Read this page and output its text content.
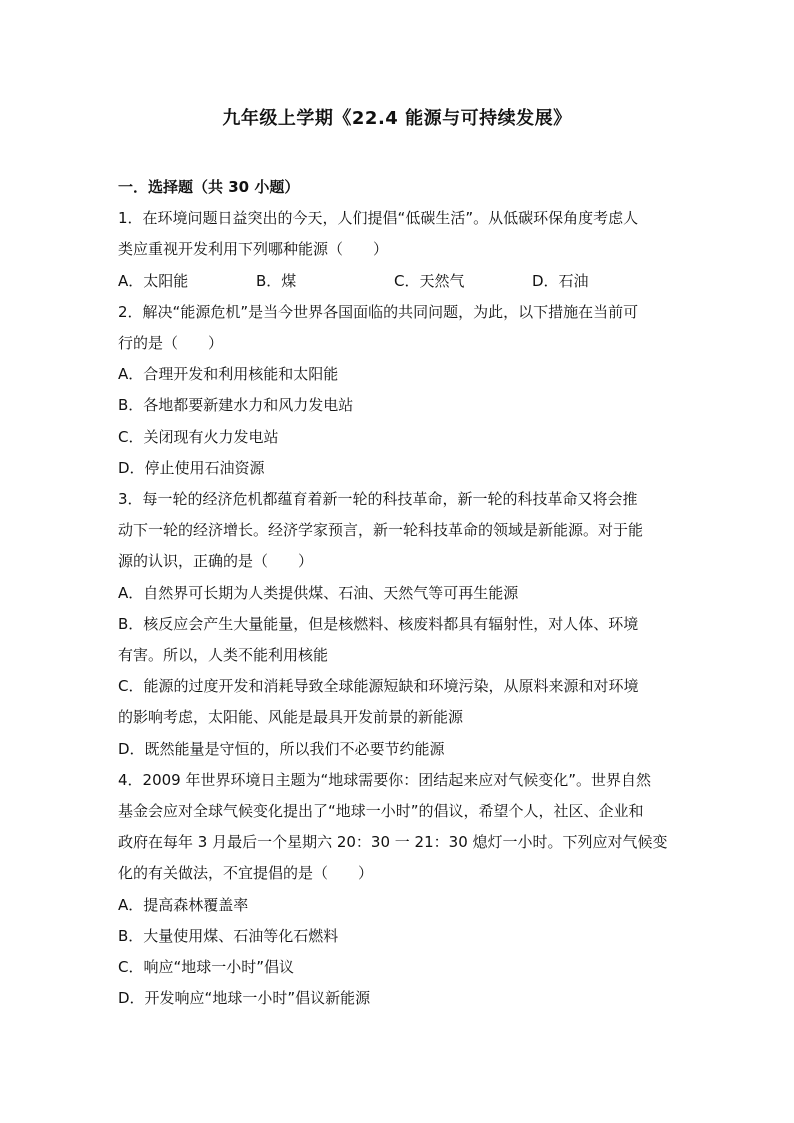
九年级上学期《22.4 能源与可持续发展》
一．选择题（共 30 小题）
1．在环境问题日益突出的今天，人们提倡“低碳生活”。从低碳环保角度考虑人
类应重视开发利用下列哪种能源（　　）
A．太阳能	B．煤	C．天然气	D．石油
2．解决“能源危机”是当今世界各国面临的共同问题，为此，以下措施在当前可
行的是（　　）
A．合理开发和利用核能和太阳能
B．各地都要新建水力和风力发电站
C．关闭现有火力发电站
D．停止使用石油资源
3．每一轮的经济危机都蕴育着新一轮的科技革命，新一轮的科技革命又将会推
动下一轮的经济增长。经济学家预言，新一轮科技革命的领域是新能源。对于能
源的认识，正确的是（　　）
A．自然界可长期为人类提供煤、石油、天然气等可再生能源
B．核反应会产生大量能量，但是核燃料、核废料都具有辐射性，对人体、环境
有害。所以，人类不能利用核能
C．能源的过度开发和消耗导致全球能源短缺和环境污染，从原料来源和对环境
的影响考虑，太阳能、风能是最具开发前景的新能源
D．既然能量是守恒的，所以我们不必要节约能源
4．2009 年世界环境日主题为“地球需要你：团结起来应对气候变化”。世界自然
基金会应对全球气候变化提出了“地球一小时”的倡议，希望个人，社区、企业和
政府在每年 3 月最后一个星期六 20：30 一 21：30 熄灯一小时。下列应对气候变
化的有关做法，不宜提倡的是（　　）
A．提高森林覆盖率
B．大量使用煤、石油等化石燃料
C．响应“地球一小时”倡议
D．开发响应“地球一小时”倡议新能源
